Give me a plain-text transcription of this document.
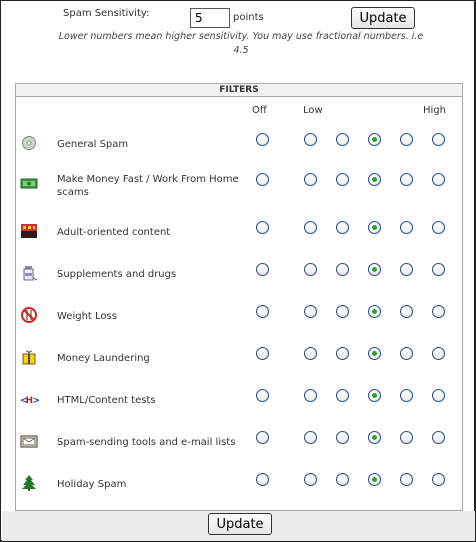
Spam Sensitivity:
5	points	Update
Lower numbers mean higher sensitivity. You may use fractional numbers. i.e 4.5
FILTERS
Off	Low	High
General Spam
Make Money Fast / Work From Home scams
Adult-oriented content
Supplements and drugs
Weight Loss
Money Laundering
<
H > HTML/Content tests
Spam-sending tools and e-mail lists
Holiday Spam
Update
